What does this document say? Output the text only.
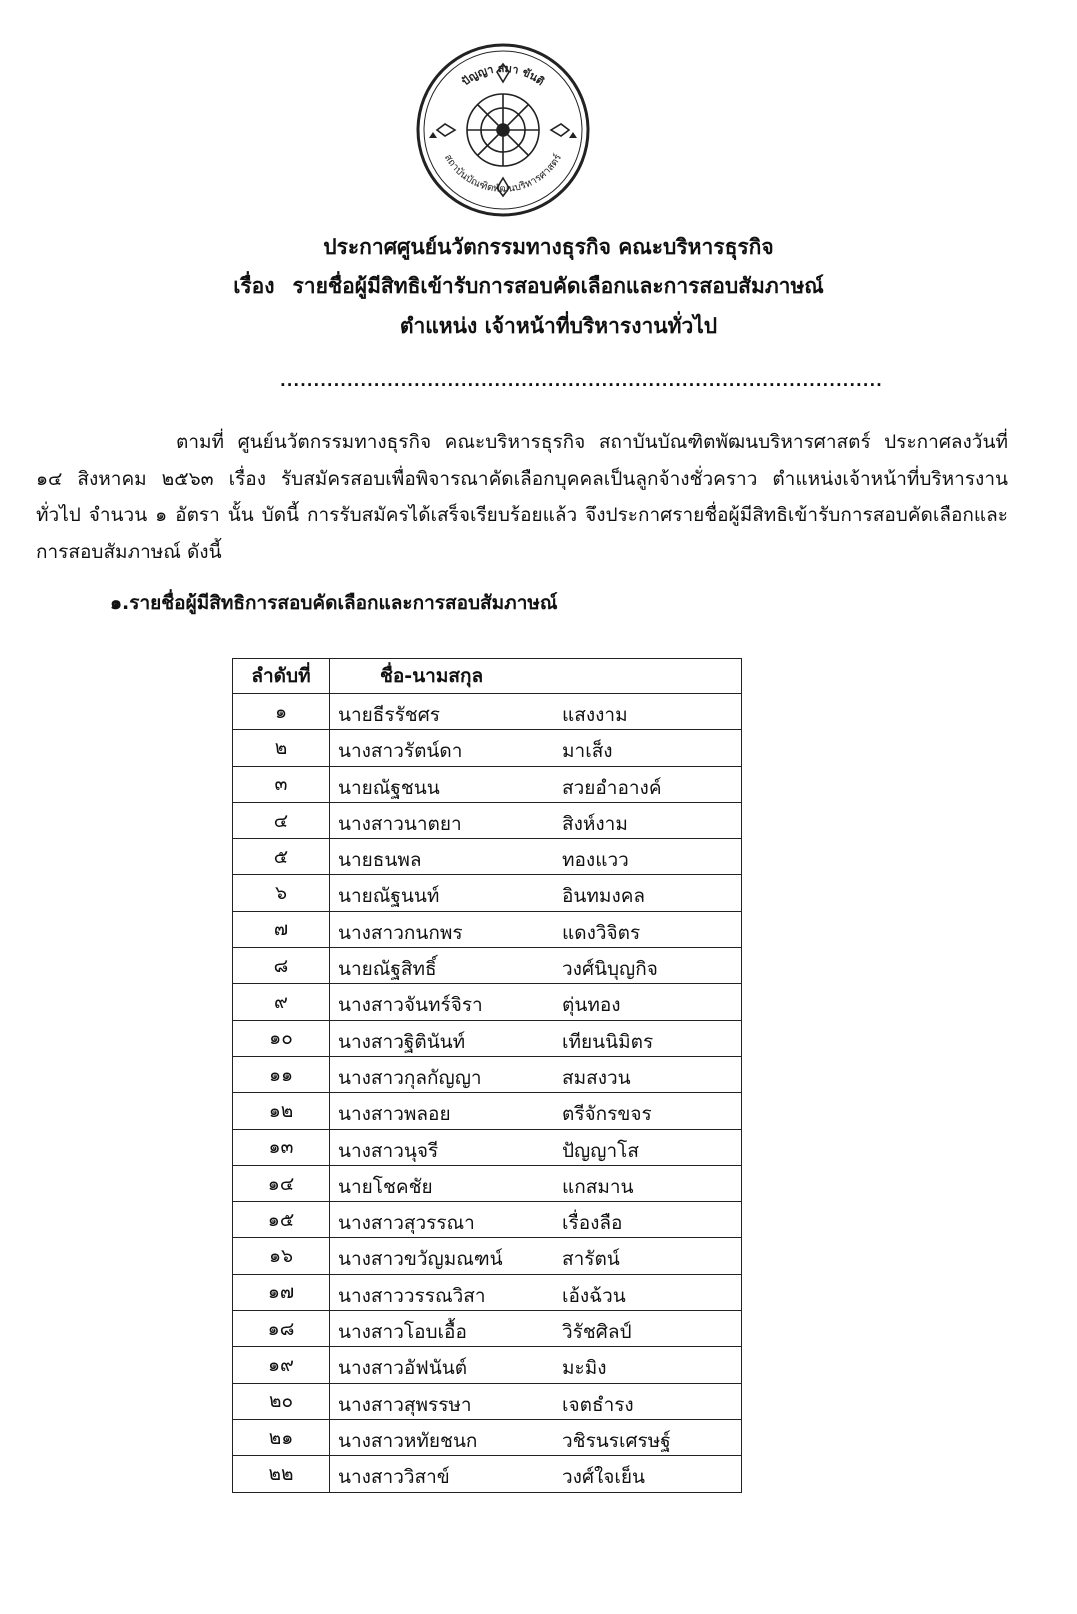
ปัญญา สมา ขันติ
สถาบันบัณฑิตพัฒนบริหารศาสตร์
ประกาศศูนย์นวัตกรรมทางธุรกิจ คณะบริหารธุรกิจ
เรื่อง รายชื่อผู้มีสิทธิเข้ารับการสอบคัดเลือกและการสอบสัมภาษณ์
ตำแหน่ง เจ้าหน้าที่บริหารงานทั่วไป
..........................................................................................
ตามที่ ศูนย์นวัตกรรมทางธุรกิจ คณะบริหารธุรกิจ สถาบันบัณฑิตพัฒนบริหารศาสตร์ ประกาศลงวันที่ ๑๔ สิงหาคม ๒๕๖๓ เรื่อง รับสมัครสอบเพื่อพิจารณาคัดเลือกบุคคลเป็นลูกจ้างชั่วคราว ตำแหน่งเจ้าหน้าที่บริหารงานทั่วไป จำนวน ๑ อัตรา นั้น บัดนี้ การรับสมัครได้เสร็จเรียบร้อยแล้ว จึงประกาศรายชื่อผู้มีสิทธิเข้ารับการสอบคัดเลือกและการสอบสัมภาษณ์ ดังนี้
๑.รายชื่อผู้มีสิทธิการสอบคัดเลือกและการสอบสัมภาษณ์
ลำดับที่	ชื่อ-นามสกุล
๑	นายธีรรัชศร แสงงาม

๒	นางสาวรัตน์ดา มาเส็ง

๓	นายณัฐชนน สวยอำอางค์

๔	นางสาวนาตยา สิงห์งาม

๕	นายธนพล ทองแวว

๖	นายณัฐนนท์ อินทมงคล

๗	นางสาวกนกพร แดงวิจิตร

๘	นายณัฐสิทธิ์ วงศ์นิบุญกิจ

๙	นางสาวจันทร์จิรา ตุ่นทอง

๑๐	นางสาวฐิตินันท์ เทียนนิมิตร

๑๑	นางสาวกุลกัญญา สมสงวน

๑๒	นางสาวพลอย ตรีจักรขจร

๑๓	นางสาวนุจรี ปัญญาโส

๑๔	นายโชคชัย แกสมาน

๑๕	นางสาวสุวรรณา เรื่องลือ

๑๖	นางสาวขวัญมณฑน์ สารัตน์

๑๗	นางสาววรรณวิสา เอ้งฉ้วน

๑๘	นางสาวโอบเอื้อ วิรัชศิลป์

๑๙	นางสาวอัฟนันต์ มะมิง

๒๐	นางสาวสุพรรษา เจตธำรง

๒๑	นางสาวหทัยชนก วชิรนรเศรษฐ์

๒๒	นางสาววิสาข์ วงศ์ใจเย็น
